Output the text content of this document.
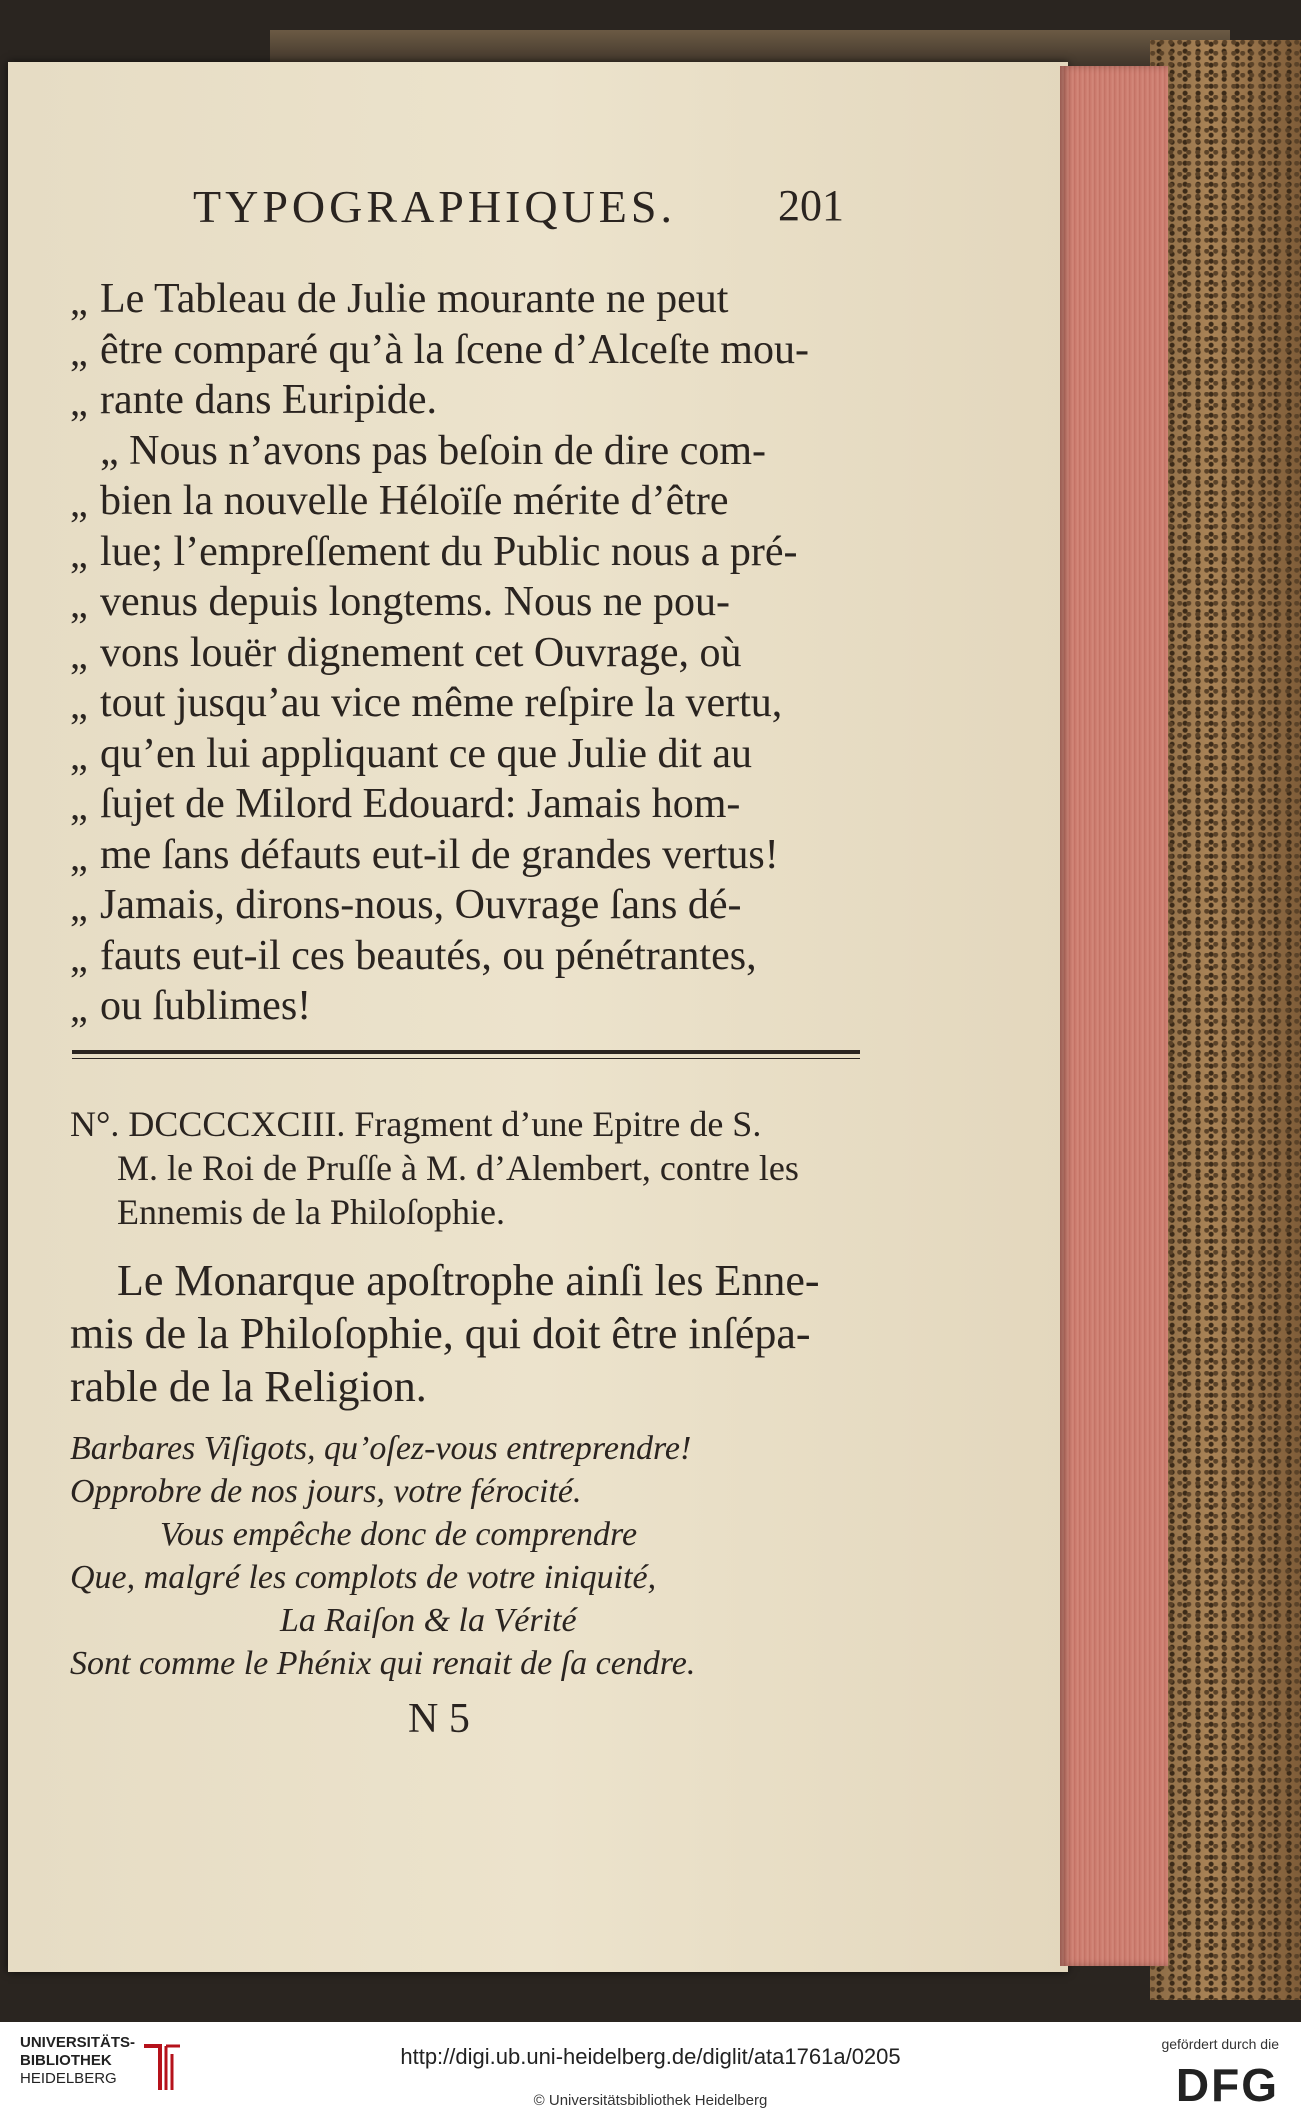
TYPOGRAPHIQUES. 201
„ Le Tableau de Julie mourante ne peut
„ être comparé qu’à la ſcene d’Alceſte mou-
„ rante dans Euripide.
„ Nous n’avons pas beſoin de dire com-
„ bien la nouvelle Héloïſe mérite d’être
„ lue; l’empreſſement du Public nous a pré-
„ venus depuis longtems. Nous ne pou-
„ vons louër dignement cet Ouvrage, où
„ tout jusqu’au vice même reſpire la vertu,
„ qu’en lui appliquant ce que Julie dit au
„ ſujet de Milord Edouard: Jamais hom-
„ me ſans défauts eut-il de grandes vertus!
„ Jamais, dirons-nous, Ouvrage ſans dé-
„ fauts eut-il ces beautés, ou pénétrantes,
„ ou ſublimes!
N°. DCCCCXCIII. Fragment d’une Epitre de S.
M. le Roi de Pruſſe à M. d’Alembert, contre les
Ennemis de la Philoſophie.
Le Monarque apoſtrophe ainſi les Enne-
mis de la Philoſophie, qui doit être inſépa-
rable de la Religion.
Barbares Viſigots, qu’oſez-vous entreprendre!
Opprobre de nos jours, votre férocité.
Vous empêche donc de comprendre
Que, malgré les complots de votre iniquité,
La Raiſon & la Vérité
Sont comme le Phénix qui renait de ſa cendre.
N 5
UNIVERSITÄTS-
BIBLIOTHEK
HEIDELBERG
http://digi.ub.uni-heidelberg.de/diglit/ata1761a/0205
© Universitätsbibliothek Heidelberg
gefördert durch die
DFG
